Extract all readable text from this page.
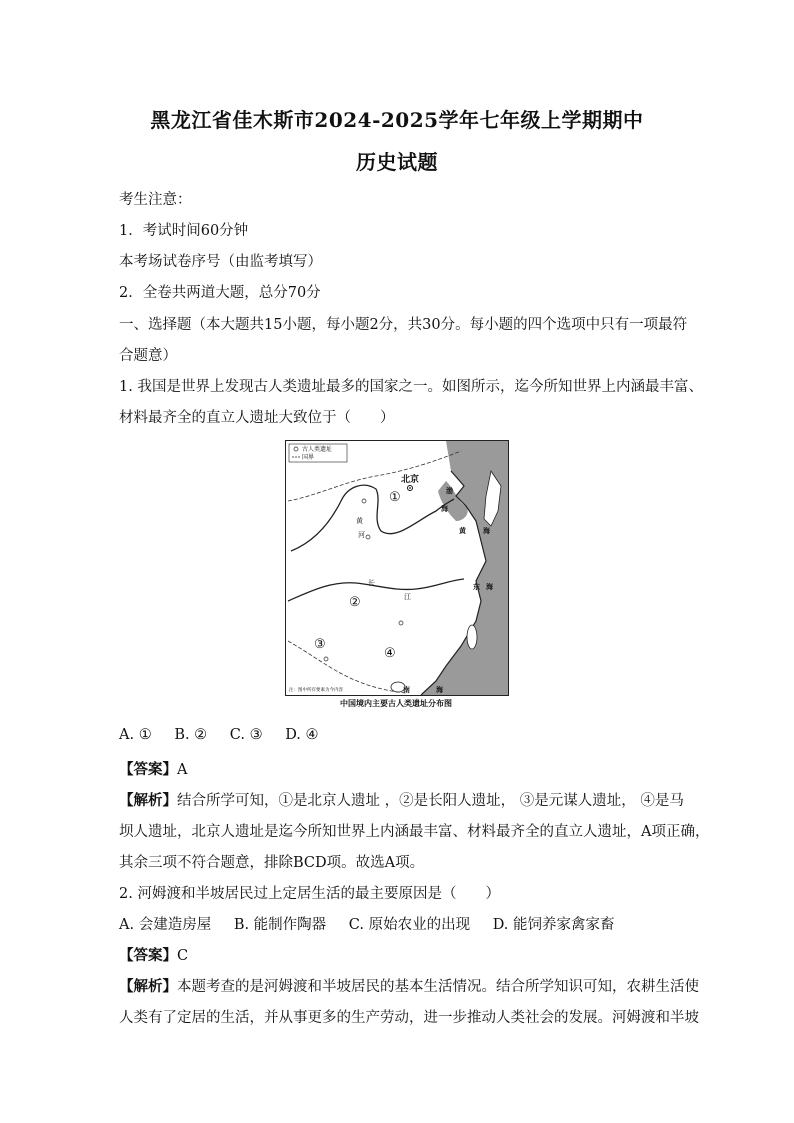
黑龙江省佳木斯市2024-2025学年七年级上学期期中
历史试题
考生注意：
1．考试时间60分钟
本考场试卷序号（由监考填写）
2．全卷共两道大题，总分70分
一、选择题（本大题共15小题，每小题2分，共30分。每小题的四个选项中只有一项最符
合题意）
1. 我国是世界上发现古人类遗址最多的国家之一。如图所示，迄今所知世界上内涵最丰富、
材料最齐全的直立人遗址大致位于（　　）
古人类遗址
国界
北京
①
②
③
④
黄
河
长
江
渤
海
黄 海
东 海
南	海
注：图中所有要素为今内容
中国境内主要古人类遗址分布图
A. ① B. ② C. ③ D. ④
【答案】A
【解析】结合所学可知，①是北京人遗址 ，②是长阳人遗址， ③是元谋人遗址， ④是马
坝人遗址，北京人遗址是迄今所知世界上内涵最丰富、材料最齐全的直立人遗址，A项正确，
其余三项不符合题意，排除BCD项。故选A项。
2. 河姆渡和半坡居民过上定居生活的最主要原因是（　　）
A. 会建造房屋 B. 能制作陶器 C. 原始农业的出现 D. 能饲养家禽家畜
【答案】C
【解析】本题考查的是河姆渡和半坡居民的基本生活情况。结合所学知识可知，农耕生活使
人类有了定居的生活，并从事更多的生产劳动，进一步推动人类社会的发展。河姆渡和半坡
